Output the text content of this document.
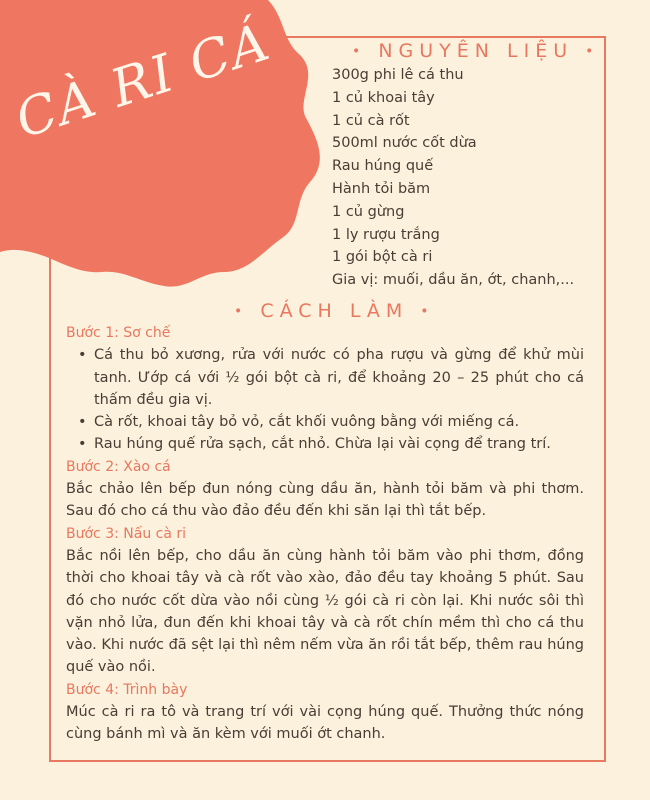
CÀ RI CÁ	• NGUYÊN LIỆU •
300g phi lê cá thu
1 củ khoai tây
1 củ cà rốt
500ml nước cốt dừa
Rau húng quế
Hành tỏi băm
1 củ gừng
1 ly rượu trắng
1 gói bột cà ri
Gia vị: muối, dầu ăn, ớt, chanh,...
• CÁCH LÀM •
Bước 1: Sơ chế
• Cá thu bỏ xương, rửa với nước có pha rượu và gừng để khử mùi tanh. Ướp cá với ½ gói bột cà ri, để khoảng 20 – 25 phút cho cá thấm đều gia vị.
• Cà rốt, khoai tây bỏ vỏ, cắt khối vuông bằng với miếng cá.
• Rau húng quế rửa sạch, cắt nhỏ. Chừa lại vài cọng để trang trí.
Bước 2: Xào cá

Bắc chảo lên bếp đun nóng cùng dầu ăn, hành tỏi băm và phi thơm. Sau đó cho cá thu vào đảo đều đến khi săn lại thì tắt bếp.

Bước 3: Nấu cà ri

Bắc nồi lên bếp, cho dầu ăn cùng hành tỏi băm vào phi thơm, đồng thời cho khoai tây và cà rốt vào xào, đảo đều tay khoảng 5 phút. Sau đó cho nước cốt dừa vào nồi cùng ½ gói cà ri còn lại. Khi nước sôi thì vặn nhỏ lửa, đun đến khi khoai tây và cà rốt chín mềm thì cho cá thu vào. Khi nước đã sệt lại thì nêm nếm vừa ăn rồi tắt bếp, thêm rau húng quế vào nồi.

Bước 4: Trình bày

Múc cà ri ra tô và trang trí với vài cọng húng quế. Thưởng thức nóng cùng bánh mì và ăn kèm với muối ớt chanh.
